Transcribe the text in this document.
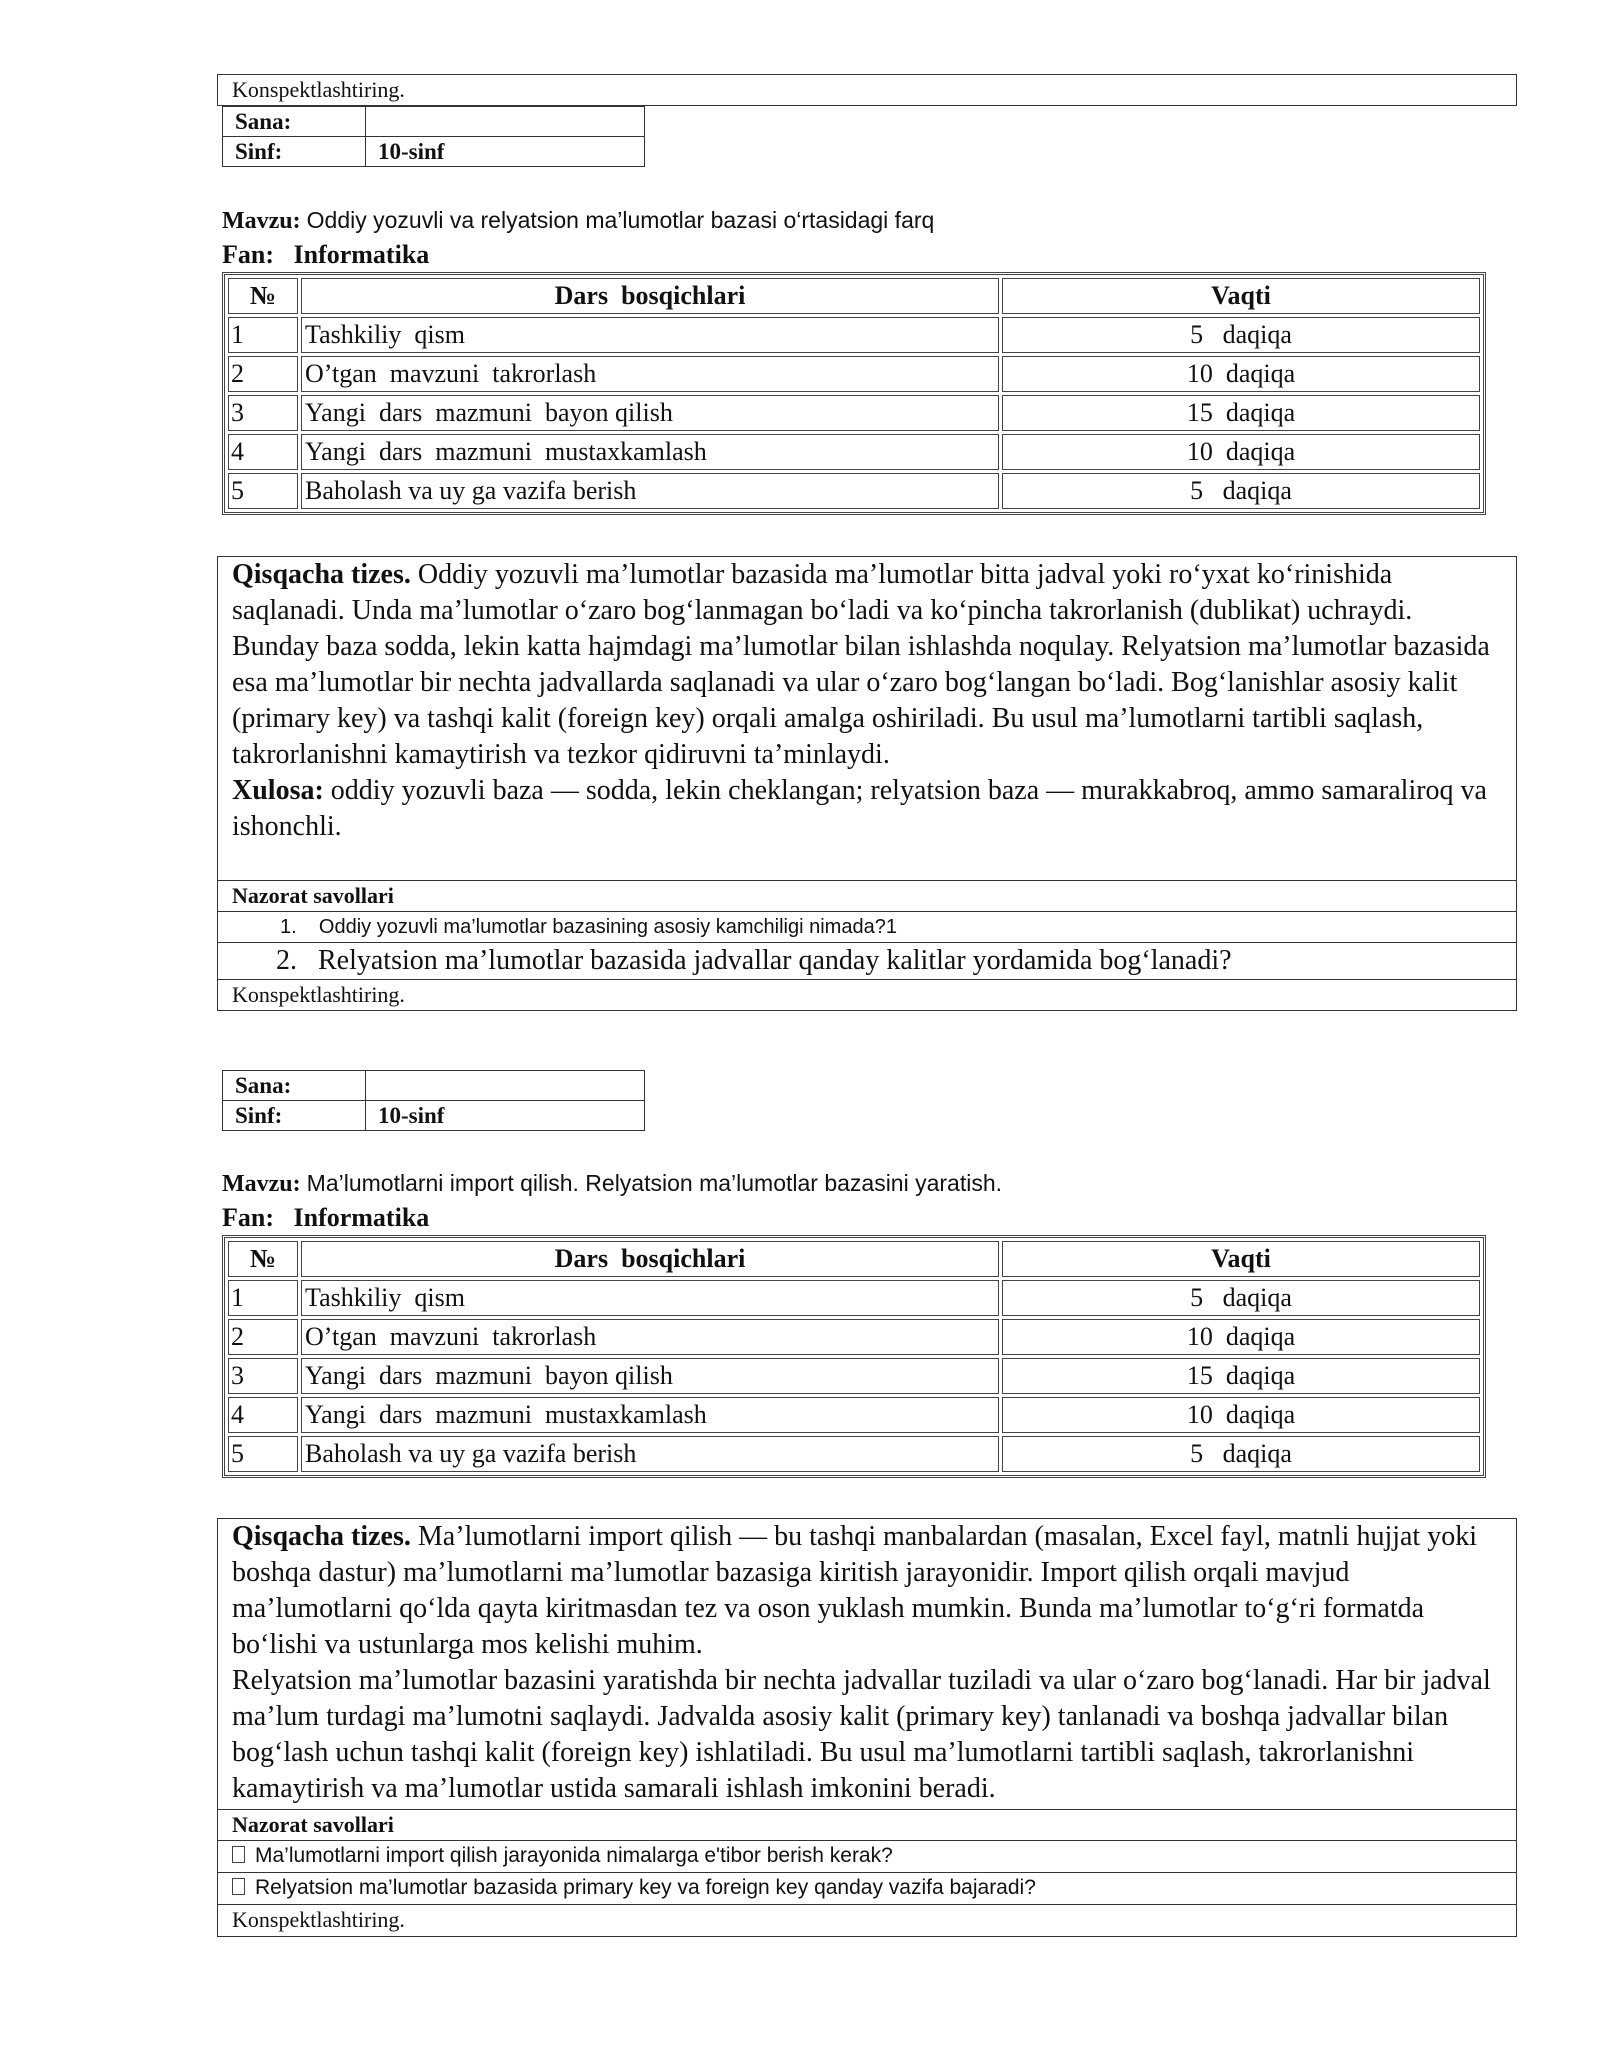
Konspektlashtiring.
Sana:	
Sinf:	10-sinf
Mavzu: Oddiy yozuvli va relyatsion ma’lumotlar bazasi o‘rtasidagi farq
Fan: Informatika
№	Dars  bosqichlari	Vaqti
1	Tashkiliy  qism	5   daqiqa
2	O’tgan  mavzuni  takrorlash	10  daqiqa
3	Yangi  dars  mazmuni  bayon qilish	15  daqiqa
4	Yangi  dars  mazmuni  mustaxkamlash	10  daqiqa
5	Baholash va uy ga vazifa berish	5   daqiqa

Qisqacha tizes. Oddiy yozuvli ma’lumotlar bazasida ma’lumotlar bitta jadval yoki ro‘yxat ko‘rinishida saqlanadi. Unda ma’lumotlar o‘zaro bog‘lanmagan bo‘ladi va ko‘pincha takrorlanish (dublikat) uchraydi. Bunday baza sodda, lekin katta hajmdagi ma’lumotlar bilan ishlashda noqulay. Relyatsion ma’lumotlar bazasida esa ma’lumotlar bir nechta jadvallarda saqlanadi va ular o‘zaro bog‘langan bo‘ladi. Bog‘lanishlar asosiy kalit (primary key) va tashqi kalit (foreign key) orqali amalga oshiriladi. Bu usul ma’lumotlarni tartibli saqlash, takrorlanishni kamaytirish va tezkor qidiruvni ta’minlaydi.

Xulosa: oddiy yozuvli baza — sodda, lekin cheklangan; relyatsion baza — murakkabroq, ammo samaraliroq va ishonchli.

Nazorat savollari
1. Oddiy yozuvli ma’lumotlar bazasining asosiy kamchiligi nimada?1
2. Relyatsion ma’lumotlar bazasida jadvallar qanday kalitlar yordamida bog‘lanadi?
Konspektlashtiring.
Sana:	
Sinf:	10-sinf
Mavzu: Ma’lumotlarni import qilish. Relyatsion ma’lumotlar bazasini yaratish.
Fan: Informatika
№	Dars  bosqichlari	Vaqti
1	Tashkiliy  qism	5   daqiqa
2	O’tgan  mavzuni  takrorlash	10  daqiqa
3	Yangi  dars  mazmuni  bayon qilish	15  daqiqa
4	Yangi  dars  mazmuni  mustaxkamlash	10  daqiqa
5	Baholash va uy ga vazifa berish	5   daqiqa

Qisqacha tizes. Ma’lumotlarni import qilish — bu tashqi manbalardan (masalan, Excel fayl, matnli hujjat yoki boshqa dastur) ma’lumotlarni ma’lumotlar bazasiga kiritish jarayonidir. Import qilish orqali mavjud ma’lumotlarni qo‘lda qayta kiritmasdan tez va oson yuklash mumkin. Bunda ma’lumotlar to‘g‘ri formatda bo‘lishi va ustunlarga mos kelishi muhim.

Relyatsion ma’lumotlar bazasini yaratishda bir nechta jadvallar tuziladi va ular o‘zaro bog‘lanadi. Har bir jadval ma’lum turdagi ma’lumotni saqlaydi. Jadvalda asosiy kalit (primary key) tanlanadi va boshqa jadvallar bilan bog‘lash uchun tashqi kalit (foreign key) ishlatiladi. Bu usul ma’lumotlarni tartibli saqlash, takrorlanishni kamaytirish va ma’lumotlar ustida samarali ishlash imkonini beradi.

Nazorat savollari
Ma’lumotlarni import qilish jarayonida nimalarga e'tibor berish kerak?
Relyatsion ma’lumotlar bazasida primary key va foreign key qanday vazifa bajaradi?
Konspektlashtiring.
